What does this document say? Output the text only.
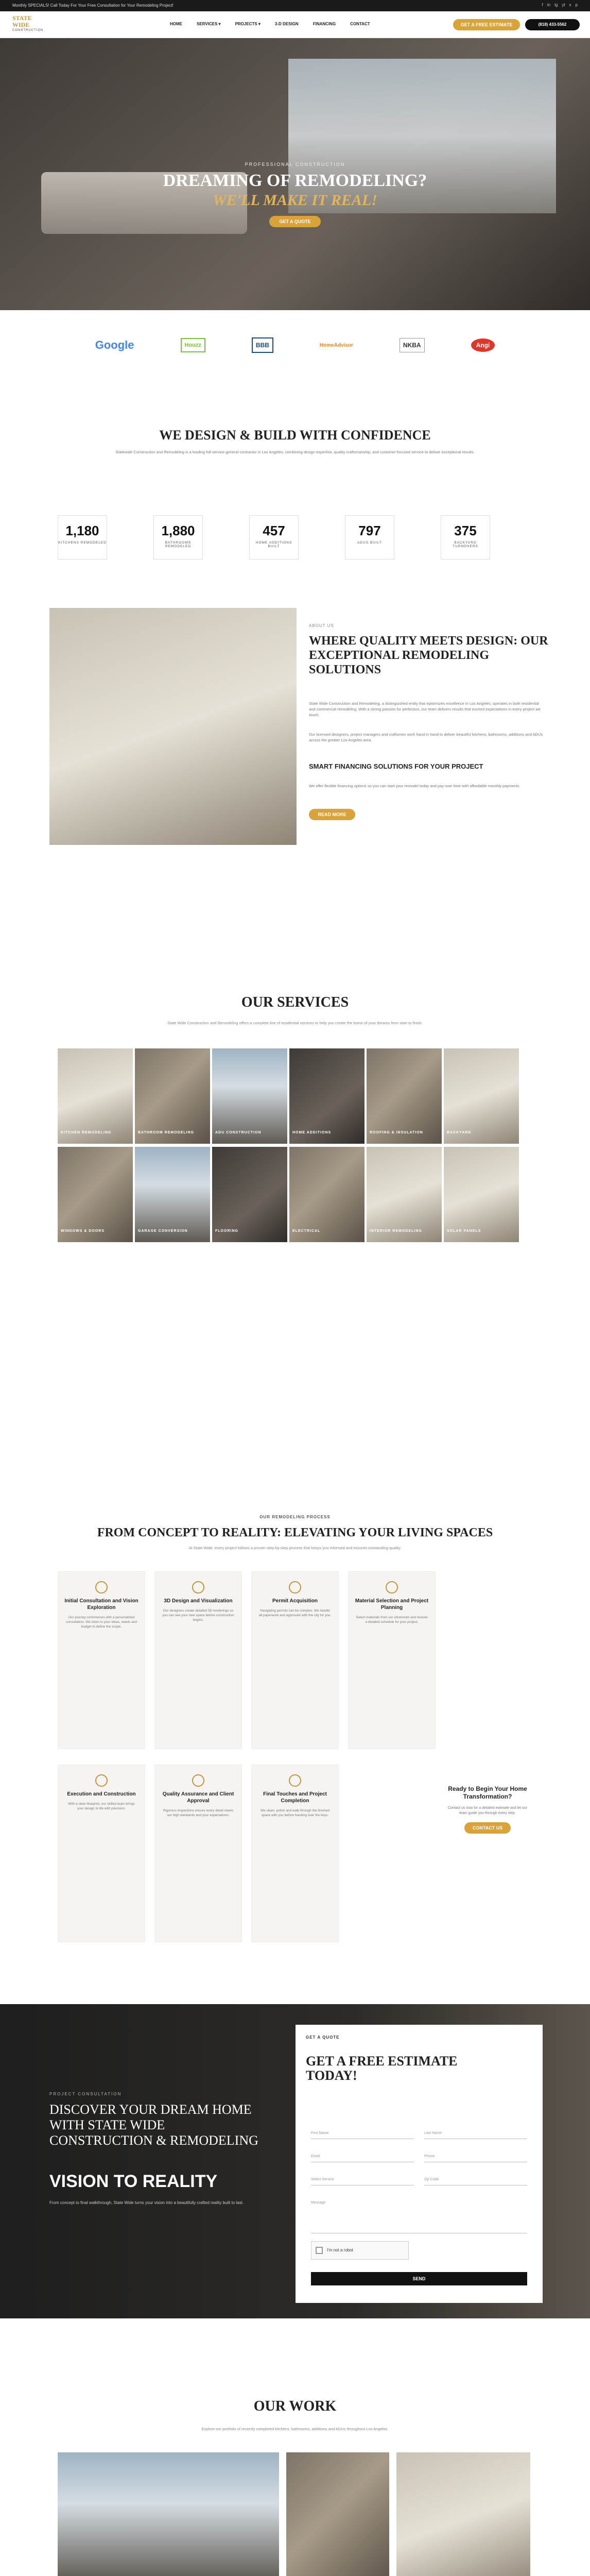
Monthly SPECIALS! Call Today For Your Free Consultation for Your Remodeling Project!	f in ig yt x p
STATE
WIDE
CONSTRUCTION
HOME	SERVICES ▾	PROJECTS ▾	3-D DESIGN	FINANCING	CONTACT	GET A FREE ESTIMATE	(818) 433-5562
PROFESSIONAL CONSTRUCTION
DREAMING OF REMODELING?
WE'LL MAKE IT REAL!
GET A QUOTE
Google	Houzz	BBB	HomeAdvisor	NKBA	Angi
WE DESIGN & BUILD WITH CONFIDENCE
Statewide Construction and Remodeling is a leading full-service general contractor in Los Angeles, combining design expertise, quality craftsmanship, and customer focused service to deliver exceptional results.
1,180
KITCHENS REMODELED
1,880
BATHROOMS REMODELED
457
HOME ADDITIONS BUILT
797
ADUS BUILT
375
BACKYARD TURNOVERS
ABOUT US
WHERE QUALITY MEETS DESIGN: OUR EXCEPTIONAL REMODELING SOLUTIONS
State Wide Construction and Remodeling, a distinguished entity that epitomizes excellence in Los Angeles, operates in both residential and commercial remodeling. With a strong passion for perfection, our team delivers results that exceed expectations in every project we touch.
Our licensed designers, project managers and craftsmen work hand in hand to deliver beautiful kitchens, bathrooms, additions and ADUs across the greater Los Angeles area.
SMART FINANCING SOLUTIONS FOR YOUR PROJECT
We offer flexible financing options so you can start your remodel today and pay over time with affordable monthly payments.
READ MORE
OUR SERVICES
State Wide Construction and Remodeling offers a complete line of residential services to help you create the home of your dreams from start to finish.
KITCHEN REMODELING	BATHROOM REMODELING	ADU CONSTRUCTION	HOME ADDITIONS	ROOFING & INSULATION	BACKYARD
WINDOWS & DOORS	GARAGE CONVERSION	FLOORING	ELECTRICAL	INTERIOR REMODELING	SOLAR PANELS
OUR REMODELING PROCESS
FROM CONCEPT TO REALITY: ELEVATING YOUR LIVING SPACES
At State Wide, every project follows a proven step-by-step process that keeps you informed and ensures outstanding quality.
Initial Consultation and Vision Exploration
Our journey commences with a personalized consultation. We listen to your ideas, needs and budget to define the scope.
3D Design and Visualization
Our designers create detailed 3D renderings so you can see your new space before construction begins.
Permit Acquisition
Navigating permits can be complex. We handle all paperwork and approvals with the city for you.
Material Selection and Project Planning
Select materials from our showroom and receive a detailed schedule for your project.
Execution and Construction
With a clear blueprint, our skilled team brings your design to life with precision.
Quality Assurance and Client Approval
Rigorous inspections ensure every detail meets our high standards and your expectations.
Final Touches and Project Completion
We clean, polish and walk through the finished space with you before handing over the keys.
Ready to Begin Your Home Transformation?
Contact us now for a detailed estimate and let our team guide you through every step.
CONTACT US
PROJECT CONSULTATION
DISCOVER YOUR DREAM HOME WITH STATE WIDE CONSTRUCTION & REMODELING
VISION TO REALITY
From concept to final walkthrough, State Wide turns your vision into a beautifully crafted reality built to last.
GET A QUOTE
GET A FREE ESTIMATE TODAY!
First Name	Last Name
Email	Phone
Select Service	Zip Code
Message
I'm not a robot
SEND
OUR WORK
Explore our portfolio of recently completed kitchens, bathrooms, additions and ADUs throughout Los Angeles.
